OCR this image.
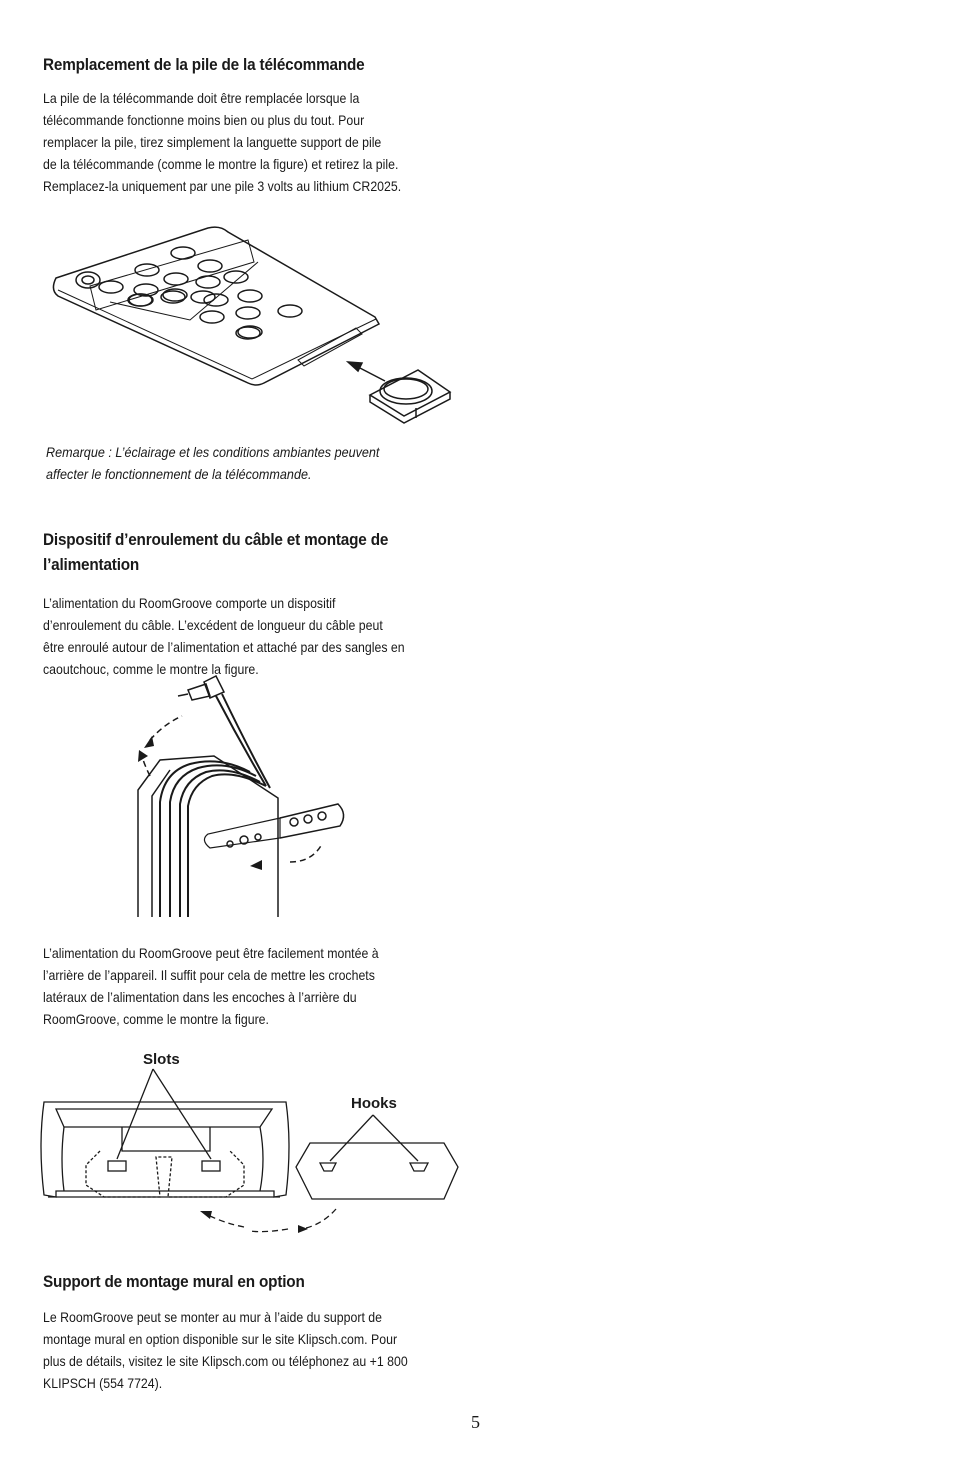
Remplacement de la pile de la télécommande
La pile de la télécommande doit être remplacée lorsque la
télécommande fonctionne moins bien ou plus du tout. Pour
remplacer la pile, tirez simplement la languette support de pile
de la télécommande (comme le montre la figure) et retirez la pile.
Remplacez-la uniquement par une pile 3 volts au lithium CR2025.
Remarque : L’éclairage et les conditions ambiantes peuvent
affecter le fonctionnement de la télécommande.
Dispositif d’enroulement du câble et montage de
l’alimentation
L’alimentation du RoomGroove comporte un dispositif
d’enroulement du câble. L’excédent de longueur du câble peut
être enroulé autour de l’alimentation et attaché par des sangles en
caoutchouc, comme le montre la figure.
L’alimentation du RoomGroove peut être facilement montée à
l’arrière de l’appareil. Il suffit pour cela de mettre les crochets
latéraux de l’alimentation dans les encoches à l’arrière du
RoomGroove, comme le montre la figure.
Slots
Hooks
Support de montage mural en option
Le RoomGroove peut se monter au mur à l’aide du support de
montage mural en option disponible sur le site Klipsch.com. Pour
plus de détails, visitez le site Klipsch.com ou téléphonez au +1 800
KLIPSCH (554 7724).
5
